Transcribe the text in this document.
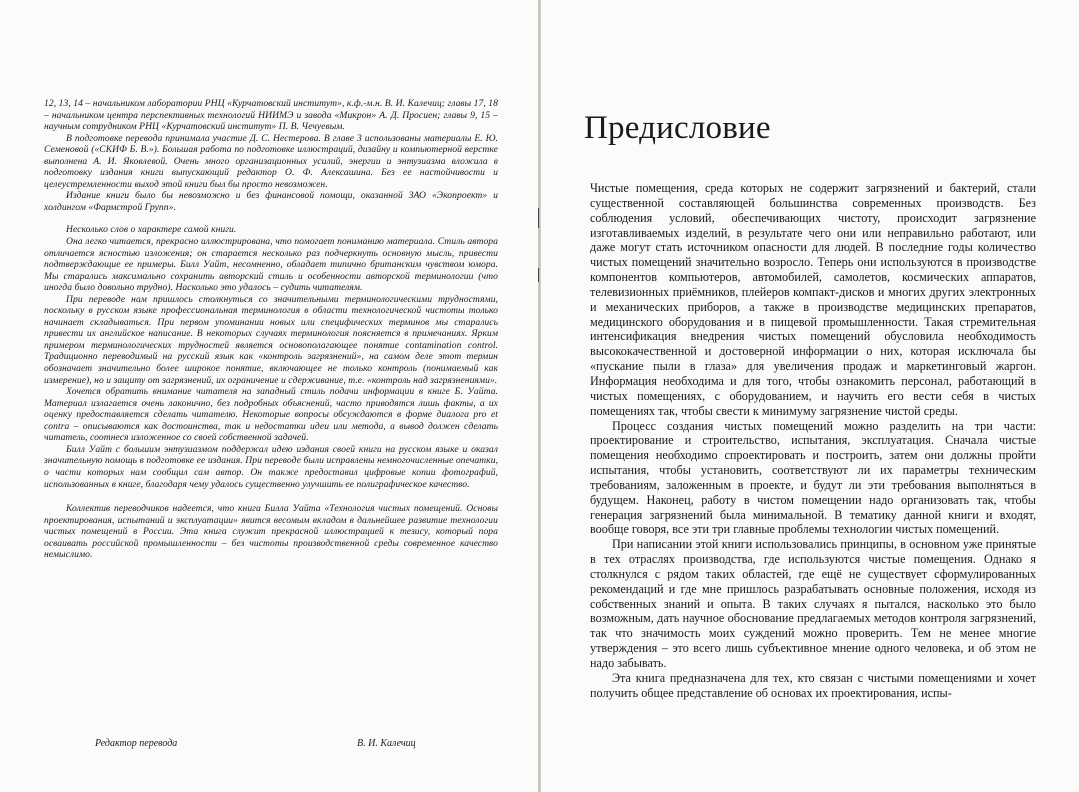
12, 13, 14 – начальником лаборатории РНЦ «Курчатовский институт», к.ф.-м.н. В. И. Калечиц; главы 17, 18 – начальником центра перспективных технологий НИИМЭ и завода «Микрон» А. Д. Просиен; главы 9, 15 – научным сотрудником РНЦ «Курчатовский институт» П. В. Чечуевым.

В подготовке перевода принимала участие Д. С. Нестерова. В главе 3 использованы материалы Е. Ю. Семеновой («СКИФ Б. В.»). Большая работа по подготовке иллюстраций, дизайну и компьютерной верстке выполнена А. И. Яковлевой. Очень много организационных усилий, энергии и энтузиазма вложила в подготовку издания книги выпускающий редактор О. Ф. Алексашина. Без ее настойчивости и целеустремленности выход этой книги был бы просто невозможен.

Издание книги было бы невозможно и без финансовой помощи, оказанной ЗАО «Экопроект» и холдингом «Фармстрой Групп».

Несколько слов о характере самой книги.

Она легко читается, прекрасно иллюстрирована, что помогает пониманию материала. Стиль автора отличается ясностью изложения; он старается несколько раз подчеркнуть основную мысль, привести подтверждающие ее примеры. Билл Уайт, несомненно, обладает типично британским чувством юмора. Мы старались максимально сохранить авторский стиль и особенности авторской терминологии (что иногда было довольно трудно). Насколько это удалось – судить читателям.

При переводе нам пришлось столкнуться со значительными терминологическими трудностями, поскольку в русском языке профессиональная терминология в области технологической чистоты только начинает складываться. При первом упоминании новых или специфических терминов мы старались привести их английское написание. В некоторых случаях терминология поясняется в примечаниях. Ярким примером терминологических трудностей является основополагающее понятие contamination control. Традиционно переводимый на русский язык как «контроль загрязнений», на самом деле этот термин обозначает значительно более широкое понятие, включающее не только контроль (понимаемый как измерение), но и защиту от загрязнений, их ограничение и сдерживание, т.е. «контроль над загрязнениями».

Хочется обратить внимание читателя на западный стиль подачи информации в книге Б. Уайта. Материал излагается очень лаконично, без подробных объяснений, часто приводятся лишь факты, а их оценку предоставляется сделать читателю. Некоторые вопросы обсуждаются в форме диалога pro et contra – описываются как достоинства, так и недостатки идеи или метода, а вывод должен сделать читатель, соотнеся изложенное со своей собственной задачей.

Билл Уайт с большим энтузиазмом поддержал идею издания своей книги на русском языке и оказал значительную помощь в подготовке ее издания. При переводе были исправлены немногочисленные опечатки, о части которых нам сообщил сам автор. Он также предоставил цифровые копии фотографий, использованных в книге, благодаря чему удалось существенно улучшить ее полиграфическое качество.

Коллектив переводчиков надеется, что книга Билла Уайта «Технология чистых помещений. Основы проектирования, испытаний и эксплуатации» явится весомым вкладом в дальнейшее развитие технологии чистых помещений в России. Эта книга служит прекрасной иллюстрацией к тезису, который пора осваивать российской промышленности – без чистоты производственной среды современное качество немыслимо.

Редактор перевода	В. И. Калечиц
Предисловие

Чистые помещения, среда которых не содержит загрязнений и бактерий, стали существенной составляющей большинства современных производств. Без соблюдения условий, обеспечивающих чистоту, происходит загрязнение изготавливаемых изделий, в результате чего они или неправильно работают, или даже могут стать источником опасности для людей. В последние годы количество чистых помещений значительно возросло. Теперь они используются в производстве компонентов компьютеров, автомобилей, самолетов, космических аппаратов, телевизионных приёмников, плейеров компакт-дисков и многих других электронных и механических приборов, а также в производстве медицинских препаратов, медицинского оборудования и в пищевой промышленности. Такая стремительная интенсификация внедрения чистых помещений обусловила необходимость высококачественной и достоверной информации о них, которая исключала бы «пускание пыли в глаза» для увеличения продаж и маркетинговый жаргон. Информация необходима и для того, чтобы ознакомить персонал, работающий в чистых помещениях, с оборудованием, и научить его вести себя в чистых помещениях так, чтобы свести к минимуму загрязнение чистой среды.

Процесс создания чистых помещений можно разделить на три части: проектирование и строительство, испытания, эксплуатация. Сначала чистые помещения необходимо спроектировать и построить, затем они должны пройти испытания, чтобы установить, соответствуют ли их параметры техническим требованиям, заложенным в проекте, и будут ли эти требования выполняться в будущем. Наконец, работу в чистом помещении надо организовать так, чтобы генерация загрязнений была минимальной. В тематику данной книги и входят, вообще говоря, все эти три главные проблемы технологии чистых помещений.

При написании этой книги использовались принципы, в основном уже принятые в тех отраслях производства, где используются чистые помещения. Однако я столкнулся с рядом таких областей, где ещё не существует сформулированных рекомендаций и где мне пришлось разрабатывать основные положения, исходя из собственных знаний и опыта. В таких случаях я пытался, насколько это было возможным, дать научное обоснование предлагаемых методов контроля загрязнений, так что значимость моих суждений можно проверить. Тем не менее многие утверждения – это всего лишь субъективное мнение одного человека, и об этом не надо забывать.

Эта книга предназначена для тех, кто связан с чистыми помещениями и хочет получить общее представление об основах их проектирования, испы-
